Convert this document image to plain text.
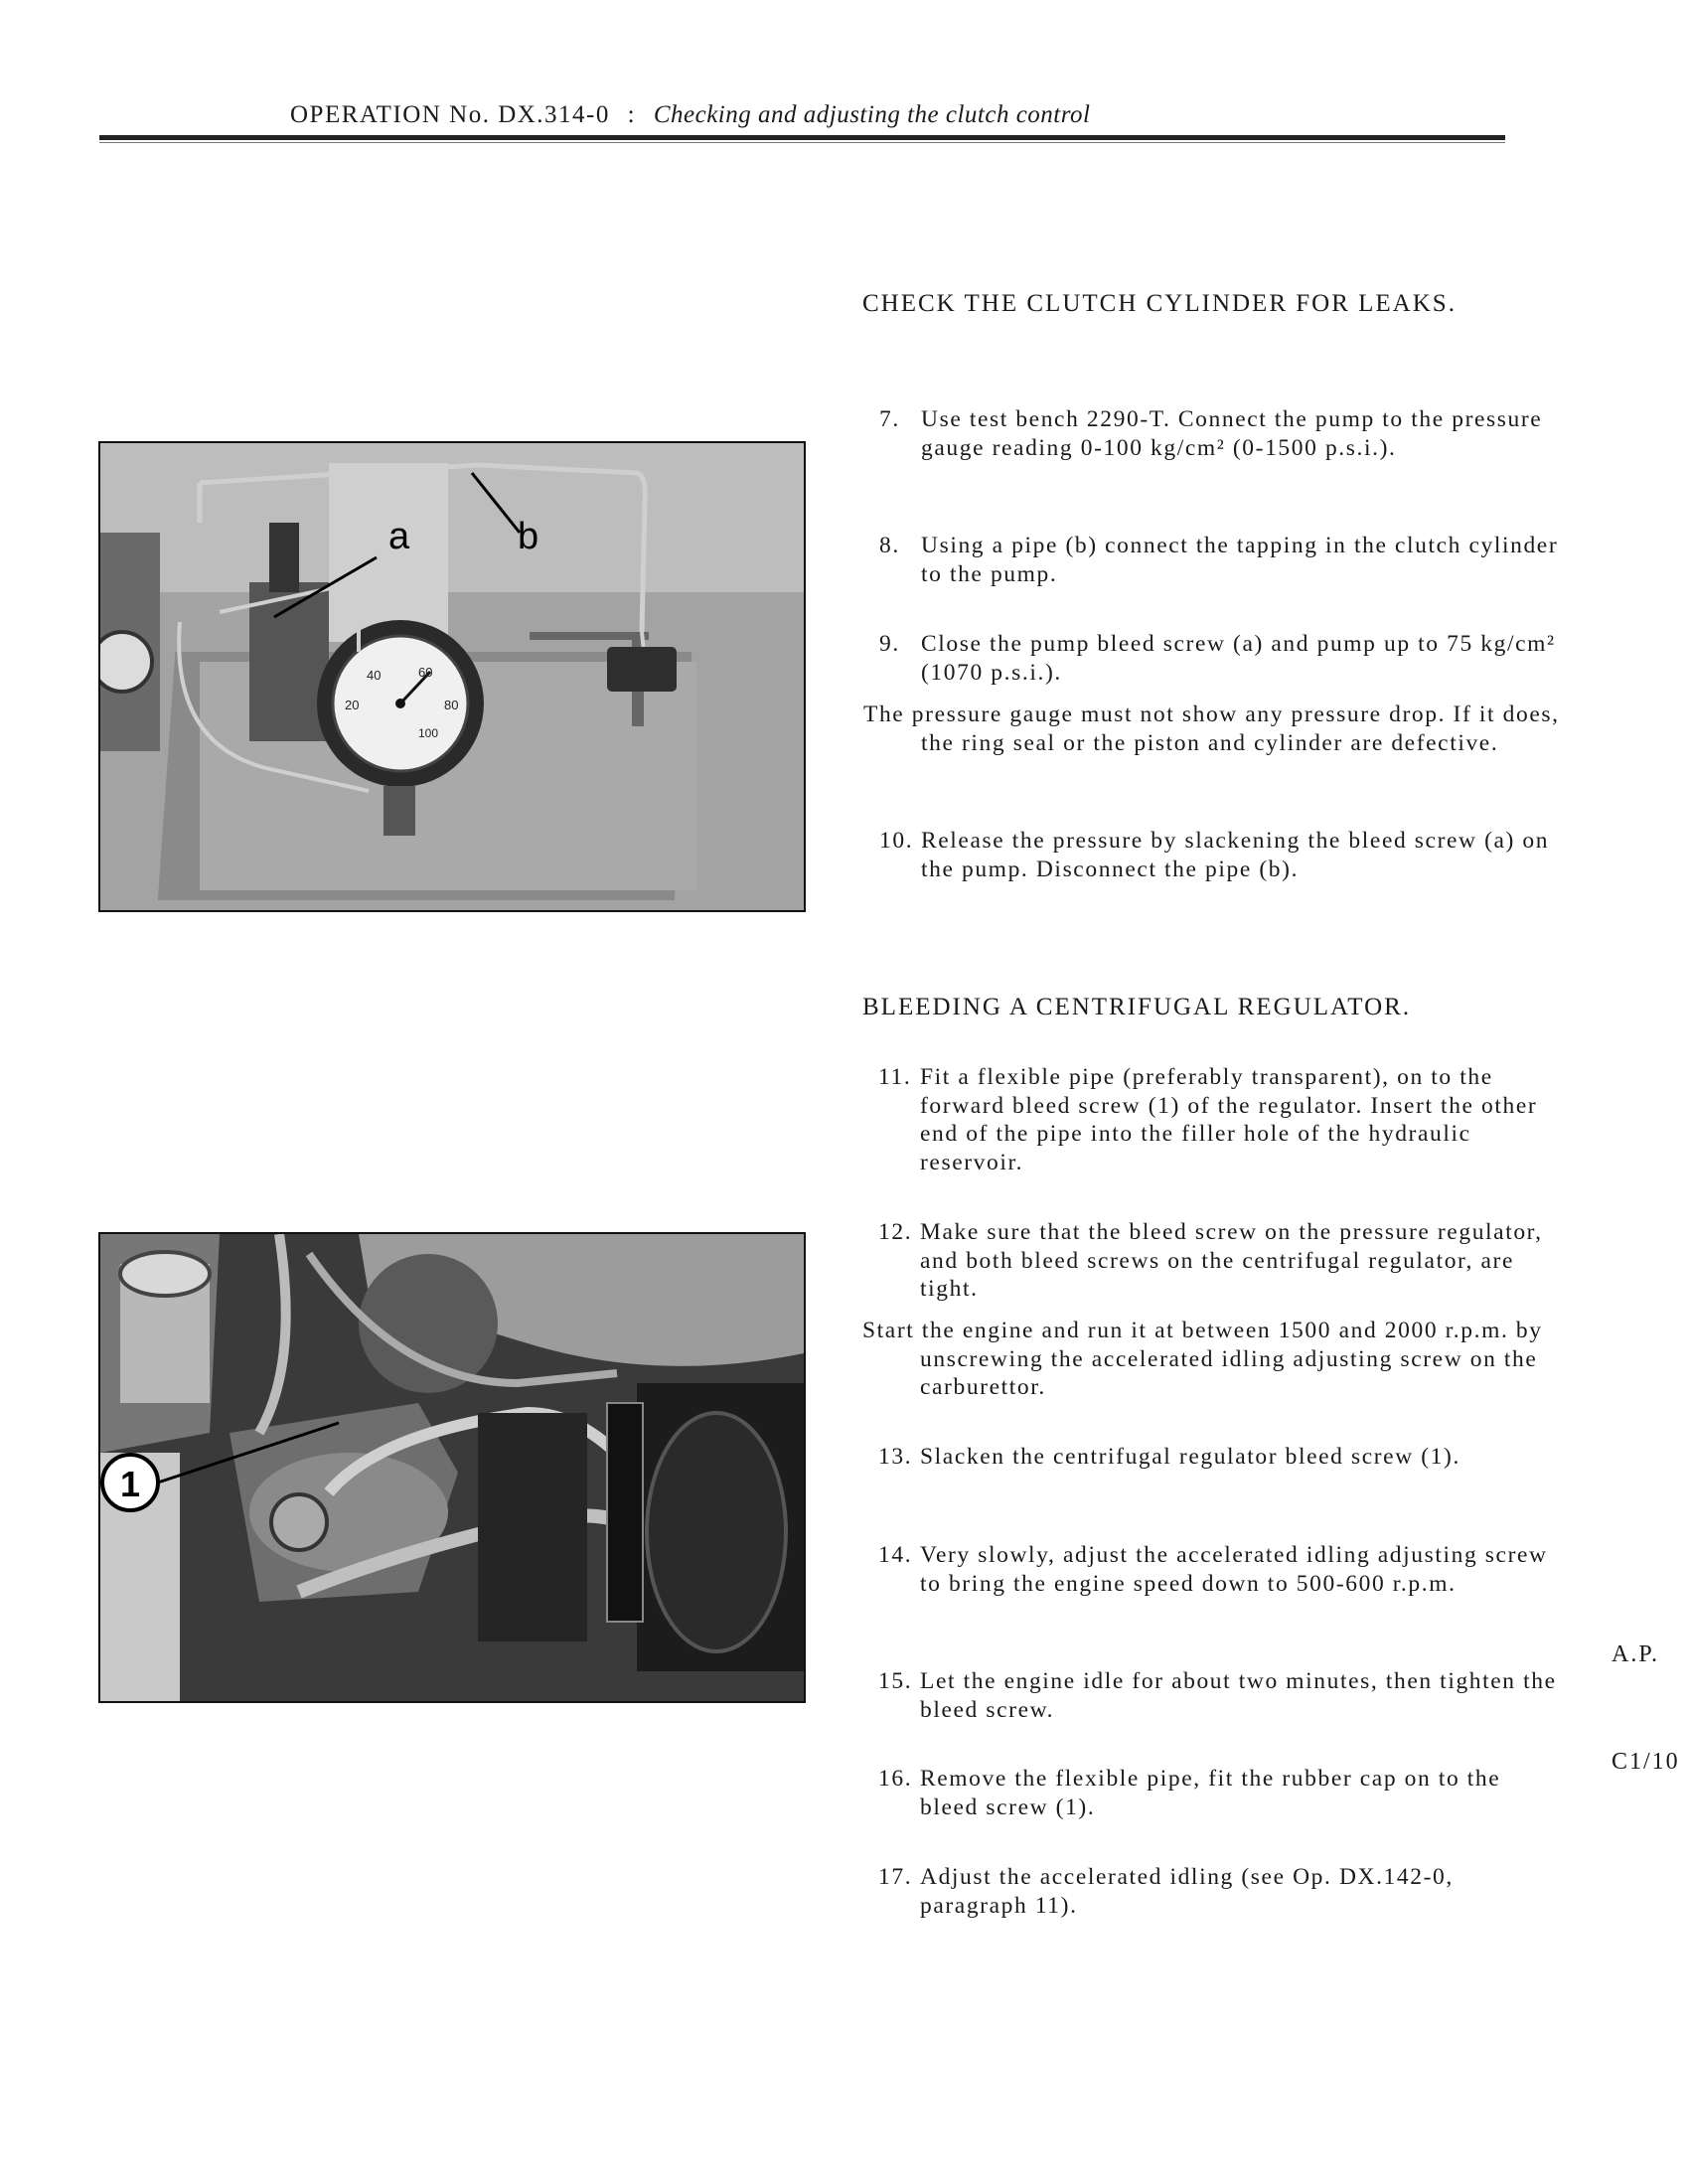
OPERATION No. DX.314-0 : Checking and adjusting the clutch control
CHECK THE CLUTCH CYLINDER FOR LEAKS.
7. Use test bench 2290-T. Connect the pump to the pressure gauge reading 0-100 kg/cm² (0-1500 p.s.i.).
8. Using a pipe (b) connect the tapping in the clutch cylinder to the pump.
9. Close the pump bleed screw (a) and pump up to 75 kg/cm² (1070 p.s.i.).
The pressure gauge must not show any pressure drop. If it does, the ring seal or the piston and cylinder are defective.
10. Release the pressure by slackening the bleed screw (a) on the pump. Disconnect the pipe (b).
40	60
20	80
100
a	b
BLEEDING A CENTRIFUGAL REGULATOR.
11. Fit a flexible pipe (preferably transparent), on to the forward bleed screw (1) of the regulator. Insert the other end of the pipe into the filler hole of the hydraulic reservoir.
12. Make sure that the bleed screw on the pressure regulator, and both bleed screws on the centrifugal regulator, are tight.
Start the engine and run it at between 1500 and 2000 r.p.m. by unscrewing the accelerated idling adjusting screw on the carburettor.
13. Slacken the centrifugal regulator bleed screw (1).
14. Very slowly, adjust the accelerated idling adjusting screw to bring the engine speed down to 500-600 r.p.m.
15. Let the engine idle for about two minutes, then tighten the bleed screw.
16. Remove the flexible pipe, fit the rubber cap on to the bleed screw (1).
17. Adjust the accelerated idling (see Op. DX.142-0, paragraph 11).
1
A.P.
C1/10
